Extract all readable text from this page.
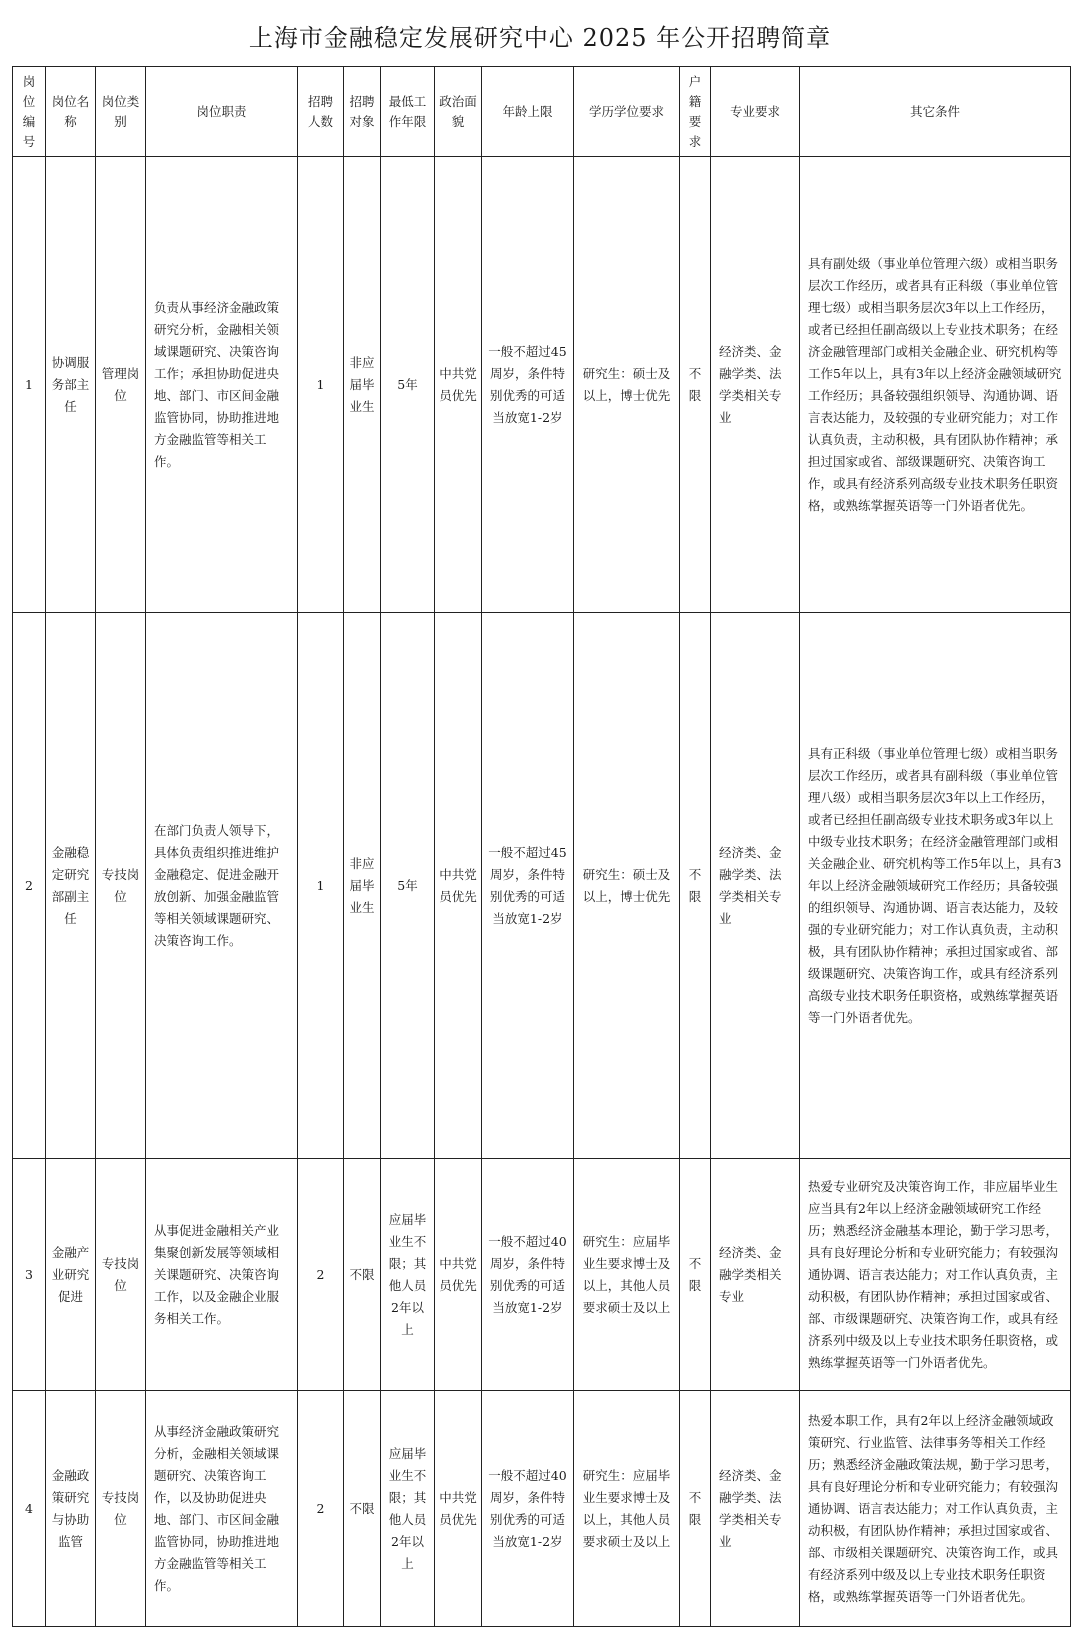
上海市金融稳定发展研究中心 2025 年公开招聘简章
岗位编号	岗位名称	岗位类别	岗位职责	招聘人数	招聘对象	最低工作年限	政治面貌	年龄上限	学历学位要求	户籍要求	专业要求	其它条件
1	协调服务部主任	管理岗位	负责从事经济金融政策研究分析，金融相关领域课题研究、决策咨询工作；承担协助促进央地、部门、市区间金融监管协同，协助推进地方金融监管等相关工作。	1	非应届毕业生	5年	中共党员优先	一般不超过45周岁，条件特别优秀的可适当放宽1-2岁	研究生：硕士及以上，博士优先	不限	经济类、金融学类、法学类相关专业	具有副处级（事业单位管理六级）或相当职务层次工作经历，或者具有正科级（事业单位管理七级）或相当职务层次3年以上工作经历，或者已经担任副高级以上专业技术职务；在经济金融管理部门或相关金融企业、研究机构等工作5年以上，具有3年以上经济金融领域研究工作经历；具备较强组织领导、沟通协调、语言表达能力，及较强的专业研究能力；对工作认真负责，主动积极，具有团队协作精神；承担过国家或省、部级课题研究、决策咨询工作，或具有经济系列高级专业技术职务任职资格，或熟练掌握英语等一门外语者优先。
2	金融稳定研究部副主任	专技岗位	在部门负责人领导下，具体负责组织推进维护金融稳定、促进金融开放创新、加强金融监管等相关领域课题研究、决策咨询工作。	1	非应届毕业生	5年	中共党员优先	一般不超过45周岁，条件特别优秀的可适当放宽1-2岁	研究生：硕士及以上，博士优先	不限	经济类、金融学类、法学类相关专业	具有正科级（事业单位管理七级）或相当职务层次工作经历，或者具有副科级（事业单位管理八级）或相当职务层次3年以上工作经历，或者已经担任副高级专业技术职务或3年以上中级专业技术职务；在经济金融管理部门或相关金融企业、研究机构等工作5年以上，具有3年以上经济金融领域研究工作经历；具备较强的组织领导、沟通协调、语言表达能力，及较强的专业研究能力；对工作认真负责，主动积极，具有团队协作精神；承担过国家或省、部级课题研究、决策咨询工作，或具有经济系列高级专业技术职务任职资格，或熟练掌握英语等一门外语者优先。
3	金融产业研究促进	专技岗位	从事促进金融相关产业集聚创新发展等领域相关课题研究、决策咨询工作，以及金融企业服务相关工作。	2	不限	应届毕业生不限；其他人员2年以上	中共党员优先	一般不超过40周岁，条件特别优秀的可适当放宽1-2岁	研究生：应届毕业生要求博士及以上，其他人员要求硕士及以上	不限	经济类、金融学类相关专业	热爱专业研究及决策咨询工作，非应届毕业生应当具有2年以上经济金融领域研究工作经历；熟悉经济金融基本理论，勤于学习思考，具有良好理论分析和专业研究能力；有较强沟通协调、语言表达能力；对工作认真负责，主动积极，有团队协作精神；承担过国家或省、部、市级课题研究、决策咨询工作，或具有经济系列中级及以上专业技术职务任职资格，或熟练掌握英语等一门外语者优先。
4	金融政策研究与协助监管	专技岗位	从事经济金融政策研究分析，金融相关领域课题研究、决策咨询工作，以及协助促进央地、部门、市区间金融监管协同，协助推进地方金融监管等相关工作。	2	不限	应届毕业生不限；其他人员2年以上	中共党员优先	一般不超过40周岁，条件特别优秀的可适当放宽1-2岁	研究生：应届毕业生要求博士及以上，其他人员要求硕士及以上	不限	经济类、金融学类、法学类相关专业	热爱本职工作，具有2年以上经济金融领域政策研究、行业监管、法律事务等相关工作经历；熟悉经济金融政策法规，勤于学习思考，具有良好理论分析和专业研究能力；有较强沟通协调、语言表达能力；对工作认真负责，主动积极，有团队协作精神；承担过国家或省、部、市级相关课题研究、决策咨询工作，或具有经济系列中级及以上专业技术职务任职资格，或熟练掌握英语等一门外语者优先。
